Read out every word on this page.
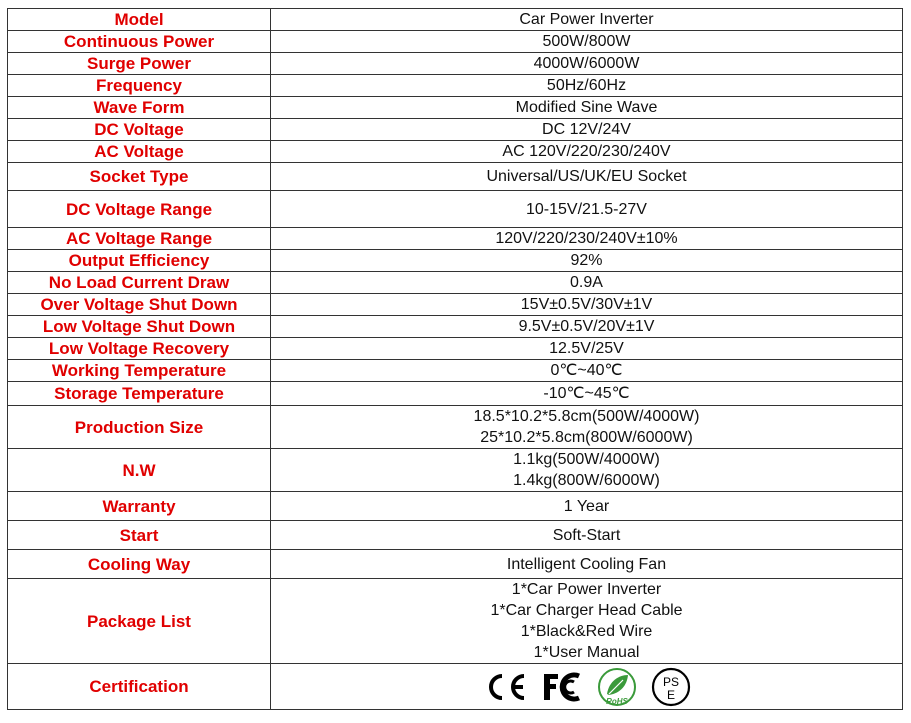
Model	Car Power Inverter

Continuous Power	500W/800W

Surge Power	4000W/6000W

Frequency	50Hz/60Hz

Wave Form	Modified Sine Wave

DC Voltage	DC 12V/24V

AC Voltage	AC 120V/220/230/240V

Socket Type	Universal/US/UK/EU Socket

DC Voltage Range	10-15V/21.5-27V

AC Voltage Range	120V/220/230/240V±10%

Output Efficiency	92%

No Load Current Draw	0.9A

Over Voltage Shut Down	15V±0.5V/30V±1V

Low Voltage Shut Down	9.5V±0.5V/20V±1V

Low Voltage Recovery	12.5V/25V

Working Temperature	0℃~40℃

Storage Temperature	-10℃~45℃

Production Size	18.5*10.2*5.8cm(500W/4000W)
25*10.2*5.8cm(800W/6000W)

N.W	1.1kg(500W/4000W)
1.4kg(800W/6000W)

Warranty	1 Year

Start	Soft-Start

Cooling Way	Intelligent Cooling Fan

Package List	1*Car Power Inverter
1*Car Charger Head Cable
1*Black&Red Wire
1*User Manual

Certification	RoHS
PS
E
